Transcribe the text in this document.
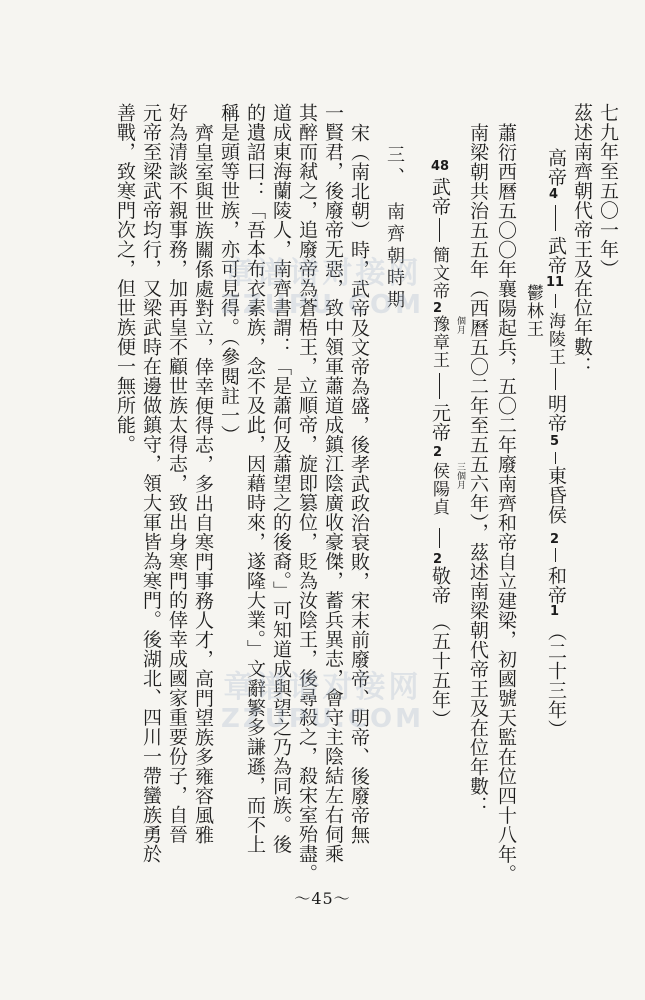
七九年至五〇一年）
茲述南齊朝代帝王及在位年數：
高帝
4
武帝
11
海陵王
明帝
5
東昏侯
2
和帝
1
（二十三年）
鬱林王
蕭衍西曆五〇〇年襄陽起兵，五〇二年廢南齊和帝自立建梁，初國號天監在位四十八年。
南梁朝共治五五年（西曆五〇二年至五五六年），茲述南梁朝代帝王及在位年數：
48
武帝
簡文帝
2
豫章王 個月
元帝
2
侯陽貞 三個月
2
敬帝
（五十五年）
三、　南齊朝時期
宋（南北朝）時，武帝及文帝為盛，後孝武政治衰敗，宋末前廢帝、明帝、後廢帝無
一賢君，後廢帝无惡，致中領軍蕭道成鎮江陰廣收豪傑，蓄兵異志，會守主陰結左右伺乘
其醉而弒之，追廢帝為蒼梧王，立順帝，旋即篡位，貶為汝陰王，後尋殺之，殺宋室殆盡。
道成東海蘭陵人，南齊書謂：「是蕭何及蕭望之的後裔。」可知道成與望之乃為同族。後
的遺詔曰：「吾本布衣素族，念不及此，因藉時來，遂隆大業。」文辭繁多謙遜，而不上
稱是頭等世族，亦可見得。（參閱註一）
齊皇室與世族關係處對立，倖幸便得志，多出自寒門事務人才，高門望族多雍容風雅
好為清談不親事務，加再皇不顧世族太得志，致出身寒門的倖幸成國家重要份子，自晉
元帝至梁武帝均行，又梁武時在邊做鎮守，領大軍皆為寒門。後湖北、四川一帶蠻族勇於
善戰，致寒門次之，但世族便一無所能。	章谱谱对接网
ZZUPU.COM
章谱谱对接网
ZZUPU.COM
～45～
